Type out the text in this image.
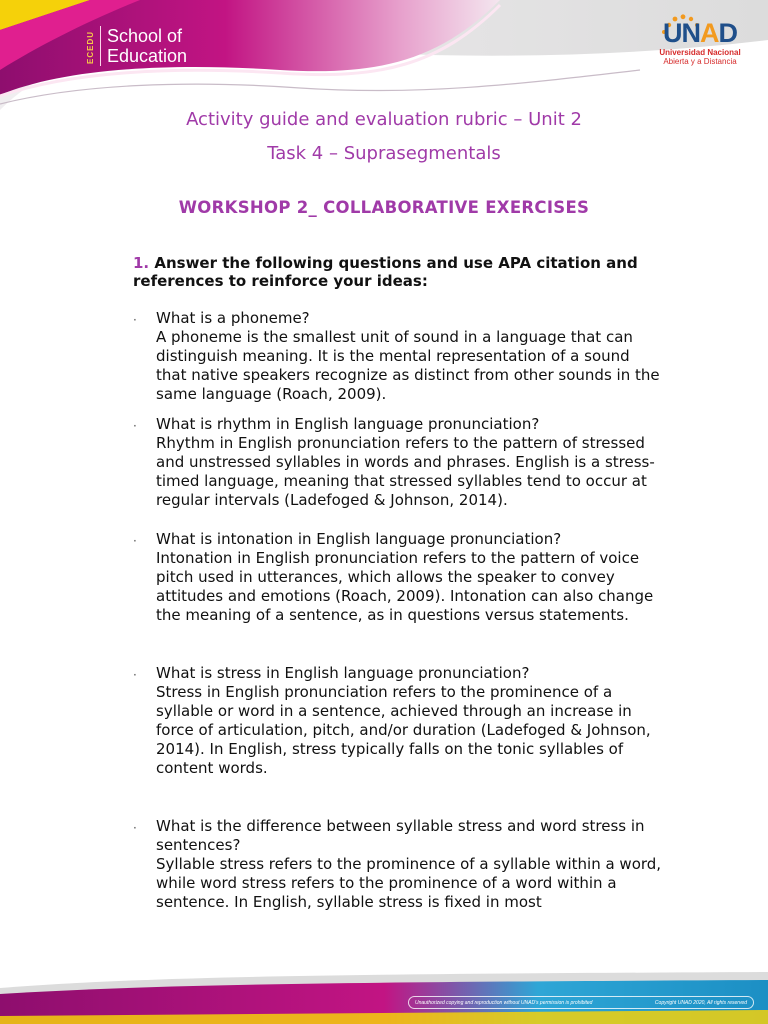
ECEDU School of
Education
UNAD
Universidad Nacional
Abierta y a Distancia
Activity guide and evaluation rubric – Unit 2
Task 4 – Suprasegmentals
WORKSHOP 2_ COLLABORATIVE EXERCISES
1. Answer the following questions and use APA citation and references to reinforce your ideas:
· What is a phoneme?

A phoneme is the smallest unit of sound in a language that can distinguish meaning. It is the mental representation of a sound that native speakers recognize as distinct from other sounds in the same language (Roach, 2009).

· What is rhythm in English language pronunciation?

Rhythm in English pronunciation refers to the pattern of stressed and unstressed syllables in words and phrases. English is a stress-timed language, meaning that stressed syllables tend to occur at regular intervals (Ladefoged & Johnson, 2014).

· What is intonation in English language pronunciation?

Intonation in English pronunciation refers to the pattern of voice pitch used in utterances, which allows the speaker to convey attitudes and emotions (Roach, 2009). Intonation can also change the meaning of a sentence, as in questions versus statements.

· What is stress in English language pronunciation?

Stress in English pronunciation refers to the prominence of a syllable or word in a sentence, achieved through an increase in force of articulation, pitch, and/or duration (Ladefoged & Johnson, 2014). In English, stress typically falls on the tonic syllables of content words.

· What is the difference between syllable stress and word stress in sentences?

Syllable stress refers to the prominence of a syllable within a word, while word stress refers to the prominence of a word within a sentence. In English, syllable stress is fixed in most

Unauthorized copying and reproduction without UNAD's permission is prohibited	Copyright UNAD 2020, All rights reserved
